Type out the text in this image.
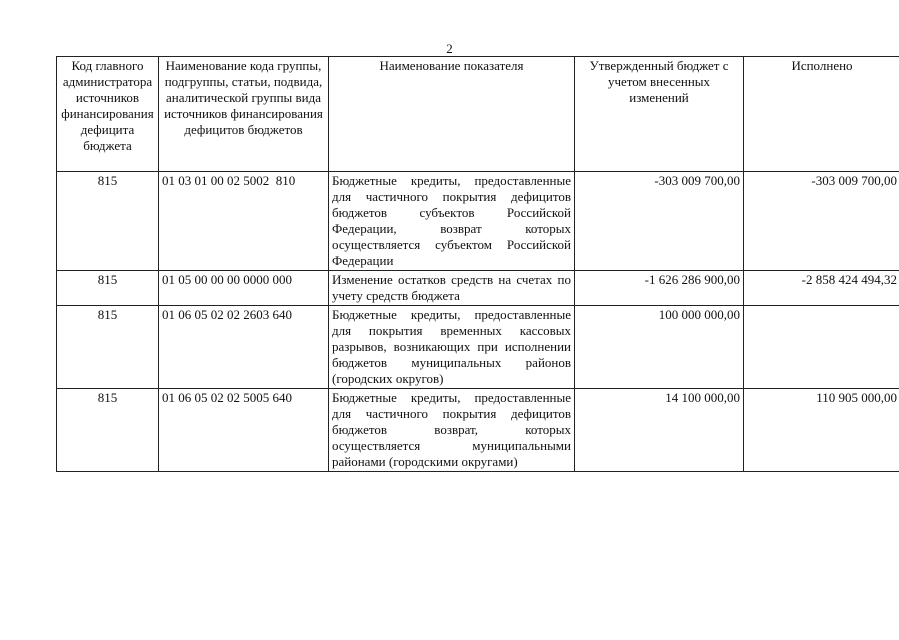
2
Код главного администратора источников финансирования дефицита бюджета	Наименование кода группы, подгруппы, статьи, подвида, аналитической группы вида источников финансирования дефицитов бюджетов	Наименование показателя	Утвержденный бюджет с учетом внесенных изменений	Исполнено
815	01 03 01 00 02 5002  810	Бюджетные кредиты, предоставленные для частичного покрытия дефицитов бюджетов субъектов Российской Федерации, возврат которых осуществляется субъектом Российской Федерации	-303 009 700,00	-303 009 700,00
815	01 05 00 00 00 0000 000	Изменение остатков средств на счетах по учету средств бюджета	-1 626 286 900,00	-2 858 424 494,32
815	01 06 05 02 02 2603 640	Бюджетные кредиты, предоставленные для покрытия временных кассовых разрывов, возникающих при исполнении бюджетов муниципальных районов (городских округов)	100 000 000,00	
815	01 06 05 02 02 5005 640	Бюджетные кредиты, предоставленные для частичного покрытия дефицитов бюджетов возврат, которых осуществляется муниципальными районами (городскими округами)	14 100 000,00	110 905 000,00
